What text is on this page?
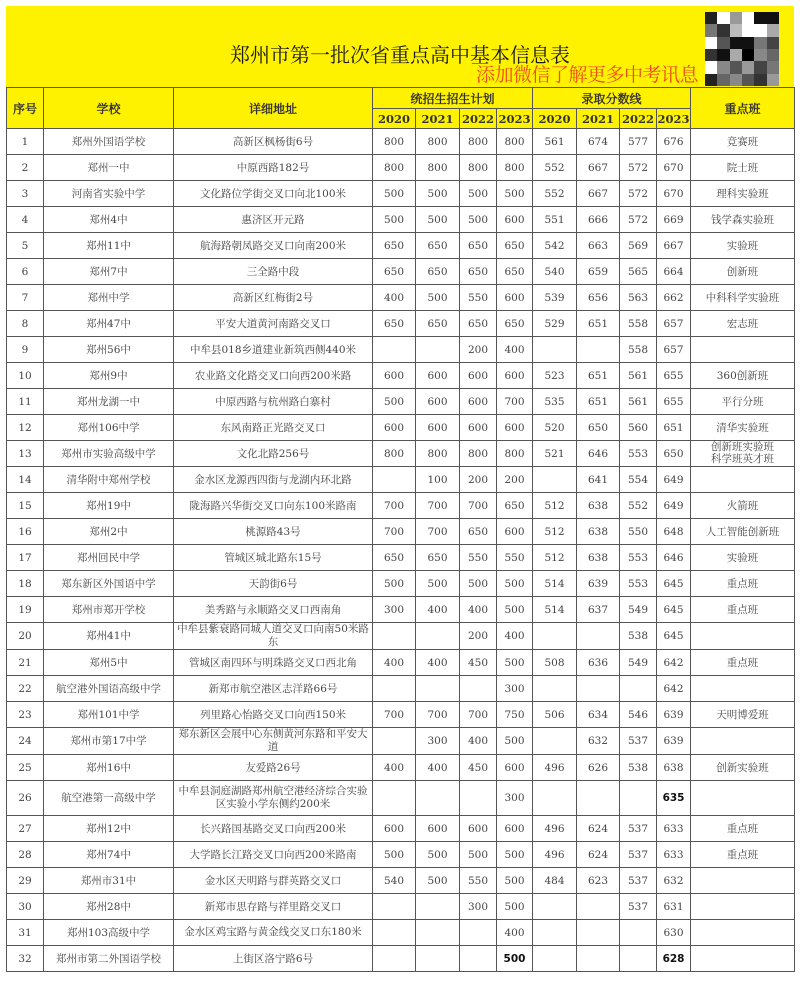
郑州市第一批次省重点高中基本信息表
添加微信了解更多中考讯息
序号	学校	详细地址	统招生招生计划				录取分数线				重点班
			2020	2021	2022	2023	2020	2021	2022	2023	
1	郑州外国语学校	高新区枫杨街6号	800	800	800	800	561	674	577	676	竞赛班
2	郑州一中	中原西路182号	800	800	800	800	552	667	572	670	院士班
3	河南省实验中学	文化路位学街交叉口向北100米	500	500	500	500	552	667	572	670	理科实验班
4	郑州4中	惠济区开元路	500	500	500	600	551	666	572	669	钱学森实验班
5	郑州11中	航海路朝凤路交叉口向南200米	650	650	650	650	542	663	569	667	实验班
6	郑州7中	三全路中段	650	650	650	650	540	659	565	664	创新班
7	郑州中学	高新区红梅街2号	400	500	550	600	539	656	563	662	中科科学实验班
8	郑州47中	平安大道黄河南路交叉口	650	650	650	650	529	651	558	657	宏志班
9	郑州56中	中牟县018乡道建业新筑西侧440米			200	400			558	657	
10	郑州9中	农业路文化路交叉口向西200米路	600	600	600	600	523	651	561	655	360创新班
11	郑州龙湖一中	中原西路与杭州路白寨村	500	600	600	700	535	651	561	655	平行分班
12	郑州106中学	东风南路正光路交叉口	600	600	600	600	520	650	560	651	清华实验班
13	郑州市实验高级中学	文化北路256号	800	800	800	800	521	646	553	650	创新班实验班 科学班英才班

14	清华附中郑州学校	金水区龙源西四街与龙湖内环北路		100	200	200		641	554	649	
15	郑州19中	陇海路兴华街交叉口向东100米路南	700	700	700	650	512	638	552	649	火箭班
16	郑州2中	桃源路43号	700	700	650	600	512	638	550	648	人工智能创新班
17	郑州回民中学	管城区城北路东15号	650	650	550	550	512	638	553	646	实验班
18	郑东新区外国语中学	天韵街6号	500	500	500	500	514	639	553	645	重点班
19	郑州市郑开学校	美秀路与永顺路交叉口西南角	300	400	400	500	514	637	549	645	重点班
20	郑州41中	中牟县紫衰路同城人道交叉口向南50米路东			200	400			538	645	
21	郑州5中	管城区南四环与明珠路交叉口西北角	400	400	450	500	508	636	549	642	重点班
22	航空港外国语高级中学	新郑市航空港区志洋路66号				300				642	
23	郑州101中学	列里路心怡路交叉口向西150米	700	700	700	750	506	634	546	639	天明博爱班
24	郑州市第17中学	郑东新区会展中心东侧黄河东路和平安大道		300	400	500		632	537	639	
25	郑州16中	友爱路26号	400	400	450	600	496	626	538	638	创新实验班
26	航空港第一高级中学	中牟县洞庭湖路郑州航空港经济综合实验区实验小学东侧约200米				300				635	
27	郑州12中	长兴路国基路交叉口向西200米	600	600	600	600	496	624	537	633	重点班
28	郑州74中	大学路长江路交叉口向西200米路南	500	500	500	500	496	624	537	633	重点班
29	郑州市31中	金水区天明路与群英路交叉口	540	500	550	500	484	623	537	632	
30	郑州28中	新郑市思存路与祥里路交叉口			300	500			537	631	
31	郑州103高级中学	金水区鸡宝路与黄金线交叉口东180米				400				630	
32	郑州市第二外国语学校	上街区洛宁路6号				500				628	
